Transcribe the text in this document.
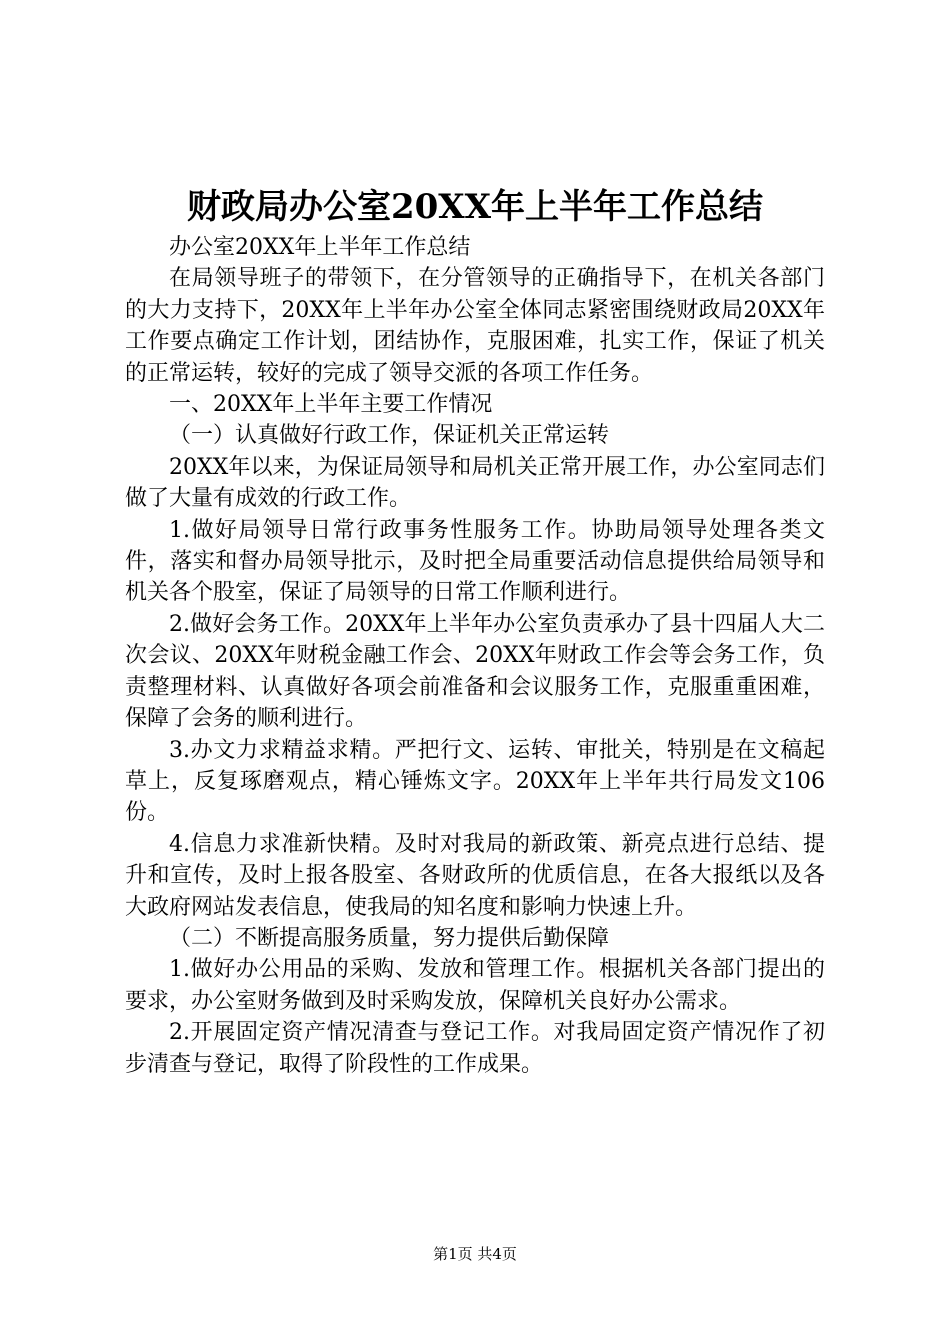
财政局办公室20XX年上半年工作总结

办公室20XX年上半年工作总结

在局领导班子的带领下，在分管领导的正确指导下，在机关各部门的大力支持下，20XX年上半年办公室全体同志紧密围绕财政局20XX年工作要点确定工作计划，团结协作，克服困难，扎实工作，保证了机关的正常运转，较好的完成了领导交派的各项工作任务。

一、20XX年上半年主要工作情况

（一）认真做好行政工作，保证机关正常运转

20XX年以来，为保证局领导和局机关正常开展工作，办公室同志们做了大量有成效的行政工作。

1.做好局领导日常行政事务性服务工作。协助局领导处理各类文件，落实和督办局领导批示，及时把全局重要活动信息提供给局领导和机关各个股室，保证了局领导的日常工作顺利进行。

2.做好会务工作。20XX年上半年办公室负责承办了县十四届人大二次会议、20XX年财税金融工作会、20XX年财政工作会等会务工作，负责整理材料、认真做好各项会前准备和会议服务工作，克服重重困难，保障了会务的顺利进行。

3.办文力求精益求精。严把行文、运转、审批关，特别是在文稿起草上，反复琢磨观点，精心锤炼文字。20XX年上半年共行局发文106份。

4.信息力求准新快精。及时对我局的新政策、新亮点进行总结、提升和宣传，及时上报各股室、各财政所的优质信息，在各大报纸以及各大政府网站发表信息，使我局的知名度和影响力快速上升。

（二）不断提高服务质量，努力提供后勤保障

1.做好办公用品的采购、发放和管理工作。根据机关各部门提出的要求，办公室财务做到及时采购发放，保障机关良好办公需求。

2.开展固定资产情况清查与登记工作。对我局固定资产情况作了初步清查与登记，取得了阶段性的工作成果。

第1页 共4页
